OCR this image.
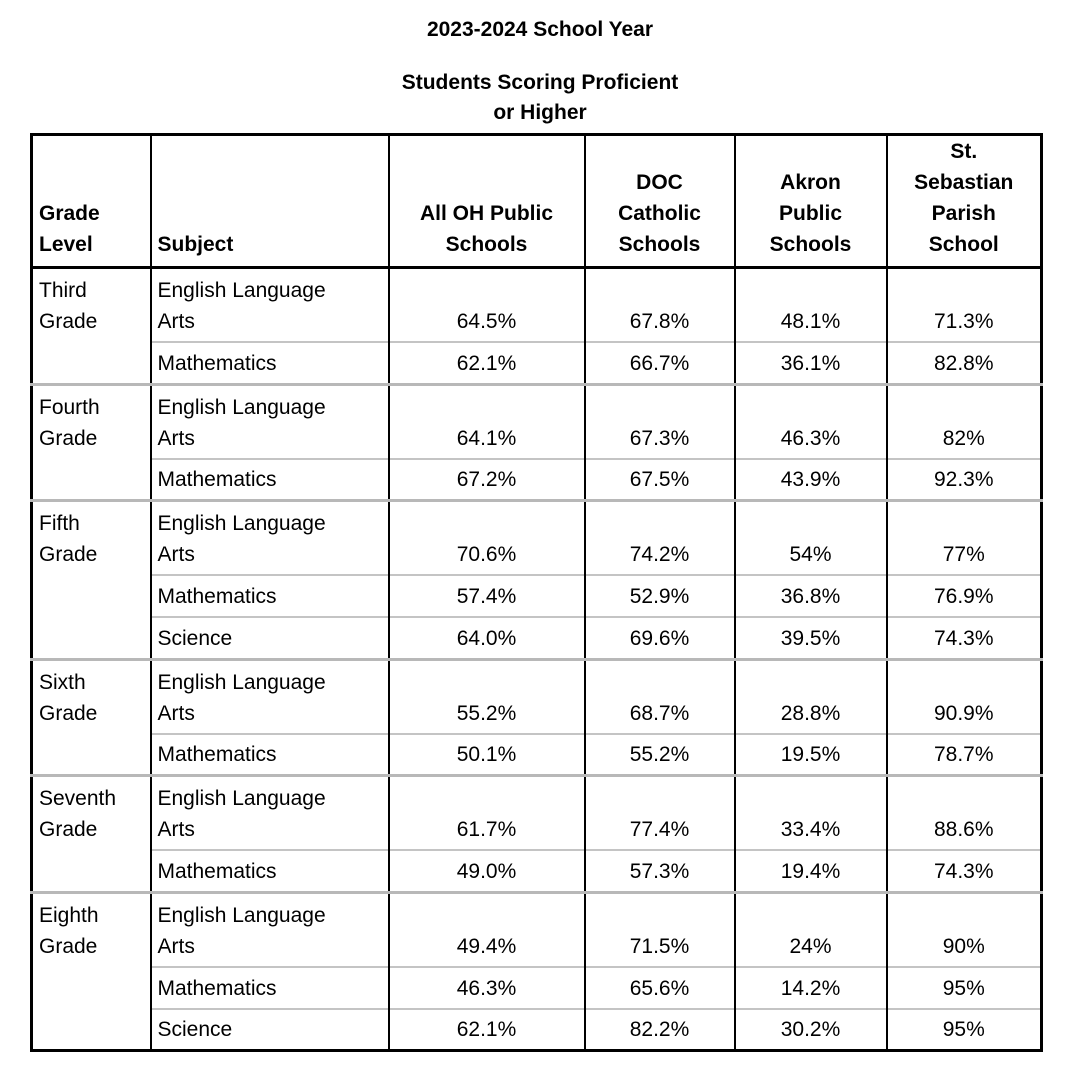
2023-2024 School Year
Students Scoring Proficient
or Higher
Grade
Level	Subject	All OH Public
Schools	DOC
Catholic
Schools	Akron
Public
Schools	St.
Sebastian
Parish
School

Third
Grade	English Language
Arts	64.5%	67.8%	48.1%	71.3%
	Mathematics	62.1%	66.7%	36.1%	82.8%

Fourth
Grade	English Language
Arts	64.1%	67.3%	46.3%	82%
	Mathematics	67.2%	67.5%	43.9%	92.3%

Fifth
Grade	English Language
Arts	70.6%	74.2%	54%	77%
	Mathematics	57.4%	52.9%	36.8%	76.9%
	Science	64.0%	69.6%	39.5%	74.3%

Sixth
Grade	English Language
Arts	55.2%	68.7%	28.8%	90.9%
	Mathematics	50.1%	55.2%	19.5%	78.7%

Seventh
Grade	English Language
Arts	61.7%	77.4%	33.4%	88.6%
	Mathematics	49.0%	57.3%	19.4%	74.3%

Eighth
Grade	English Language
Arts	49.4%	71.5%	24%	90%
	Mathematics	46.3%	65.6%	14.2%	95%
	Science	62.1%	82.2%	30.2%	95%
